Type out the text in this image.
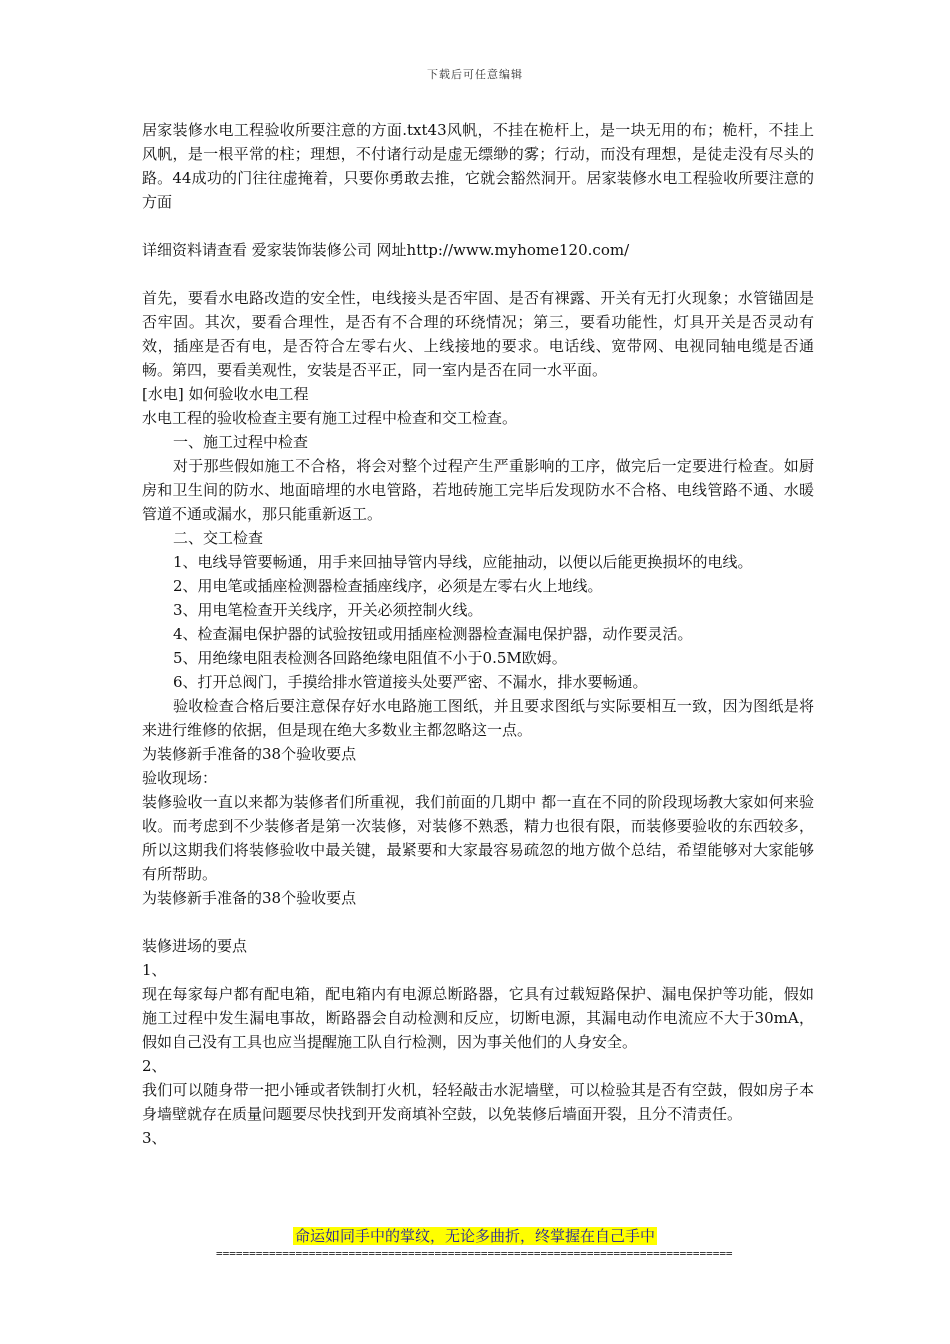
下载后可任意编辑

居家装修水电工程验收所要注意的方面.txt43风帆，不挂在桅杆上，是一块无用的布；桅杆，不挂上风帆，是一根平常的柱；理想，不付诸行动是虚无缥缈的雾；行动，而没有理想，是徒走没有尽头的路。44成功的门往往虚掩着，只要你勇敢去推，它就会豁然洞开。居家装修水电工程验收所要注意的方面

详细资料请查看 爱家装饰装修公司 网址http://www.myhome120.com/

首先，要看水电路改造的安全性，电线接头是否牢固、是否有裸露、开关有无打火现象；水管锚固是否牢固。其次，要看合理性，是否有不合理的环绕情况；第三，要看功能性，灯具开关是否灵动有效，插座是否有电，是否符合左零右火、上线接地的要求。电话线、宽带网、电视同轴电缆是否通畅。第四，要看美观性，安装是否平正，同一室内是否在同一水平面。

[水电] 如何验收水电工程

水电工程的验收检查主要有施工过程中检查和交工检查。

一、施工过程中检查

对于那些假如施工不合格，将会对整个过程产生严重影响的工序，做完后一定要进行检查。如厨房和卫生间的防水、地面暗埋的水电管路，若地砖施工完毕后发现防水不合格、电线管路不通、水暖管道不通或漏水，那只能重新返工。

二、交工检查

1、电线导管要畅通，用手来回抽导管内导线，应能抽动，以便以后能更换损坏的电线。

2、用电笔或插座检测器检查插座线序，必须是左零右火上地线。

3、用电笔检查开关线序，开关必须控制火线。

4、检查漏电保护器的试验按钮或用插座检测器检查漏电保护器，动作要灵活。

5、用绝缘电阻表检测各回路绝缘电阻值不小于0.5M欧姆。

6、打开总阀门，手摸给排水管道接头处要严密、不漏水，排水要畅通。

验收检查合格后要注意保存好水电路施工图纸，并且要求图纸与实际要相互一致，因为图纸是将来进行维修的依据，但是现在绝大多数业主都忽略这一点。

为装修新手准备的38个验收要点

验收现场：

装修验收一直以来都为装修者们所重视，我们前面的几期中 都一直在不同的阶段现场教大家如何来验收。而考虑到不少装修者是第一次装修，对装修不熟悉，精力也很有限，而装修要验收的东西较多，所以这期我们将装修验收中最关键，最紧要和大家最容易疏忽的地方做个总结，希望能够对大家能够有所帮助。

为装修新手准备的38个验收要点

装修进场的要点

1、

现在每家每户都有配电箱，配电箱内有电源总断路器，它具有过载短路保护、漏电保护等功能，假如施工过程中发生漏电事故，断路器会自动检测和反应，切断电源，其漏电动作电流应不大于30mA，假如自己没有工具也应当提醒施工队自行检测，因为事关他们的人身安全。

2、

我们可以随身带一把小锤或者铁制打火机，轻轻敲击水泥墙壁，可以检验其是否有空鼓，假如房子本身墙壁就存在质量问题要尽快找到开发商填补空鼓，以免装修后墙面开裂，且分不清责任。

3、

命运如同手中的掌纹，无论多曲折，终掌握在自己手中
==============================================================================
